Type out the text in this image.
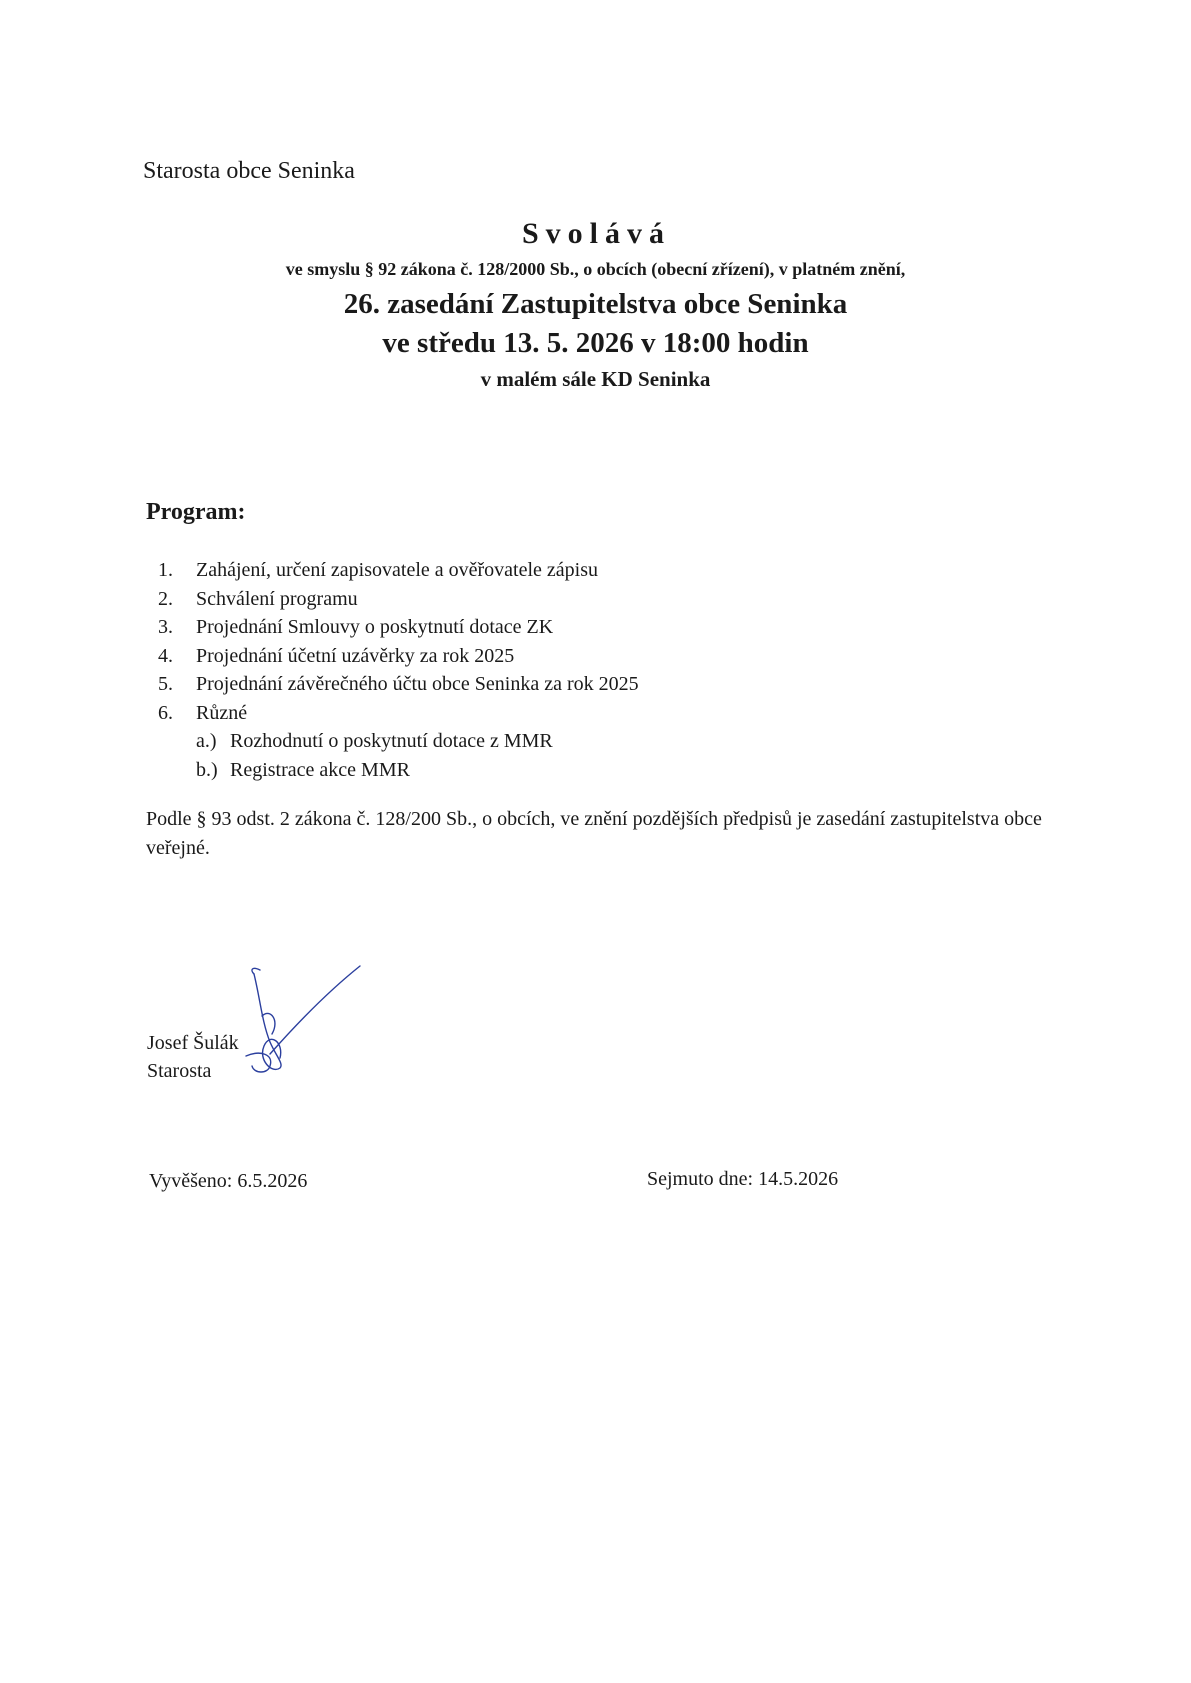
Starosta obce Seninka
Svolává
ve smyslu § 92 zákona č. 128/2000 Sb., o obcích (obecní zřízení), v platném znění,
26. zasedání Zastupitelstva obce Seninka
ve středu 13. 5. 2026 v 18:00 hodin
v malém sále KD Seninka
Program:
1. Zahájení, určení zapisovatele a ověřovatele zápisu
2. Schválení programu
3. Projednání Smlouvy o poskytnutí dotace ZK
4. Projednání účetní uzávěrky za rok 2025
5. Projednání závěrečného účtu obce Seninka za rok 2025
6. Různé
a.) Rozhodnutí o poskytnutí dotace z MMR
b.) Registrace akce MMR
Podle § 93 odst. 2 zákona č. 128/200 Sb., o obcích, ve znění pozdějších předpisů je zasedání zastupitelstva obce veřejné.
Josef Šulák
Starosta
Vyvěšeno: 6.5.2026	Sejmuto dne: 14.5.2026
